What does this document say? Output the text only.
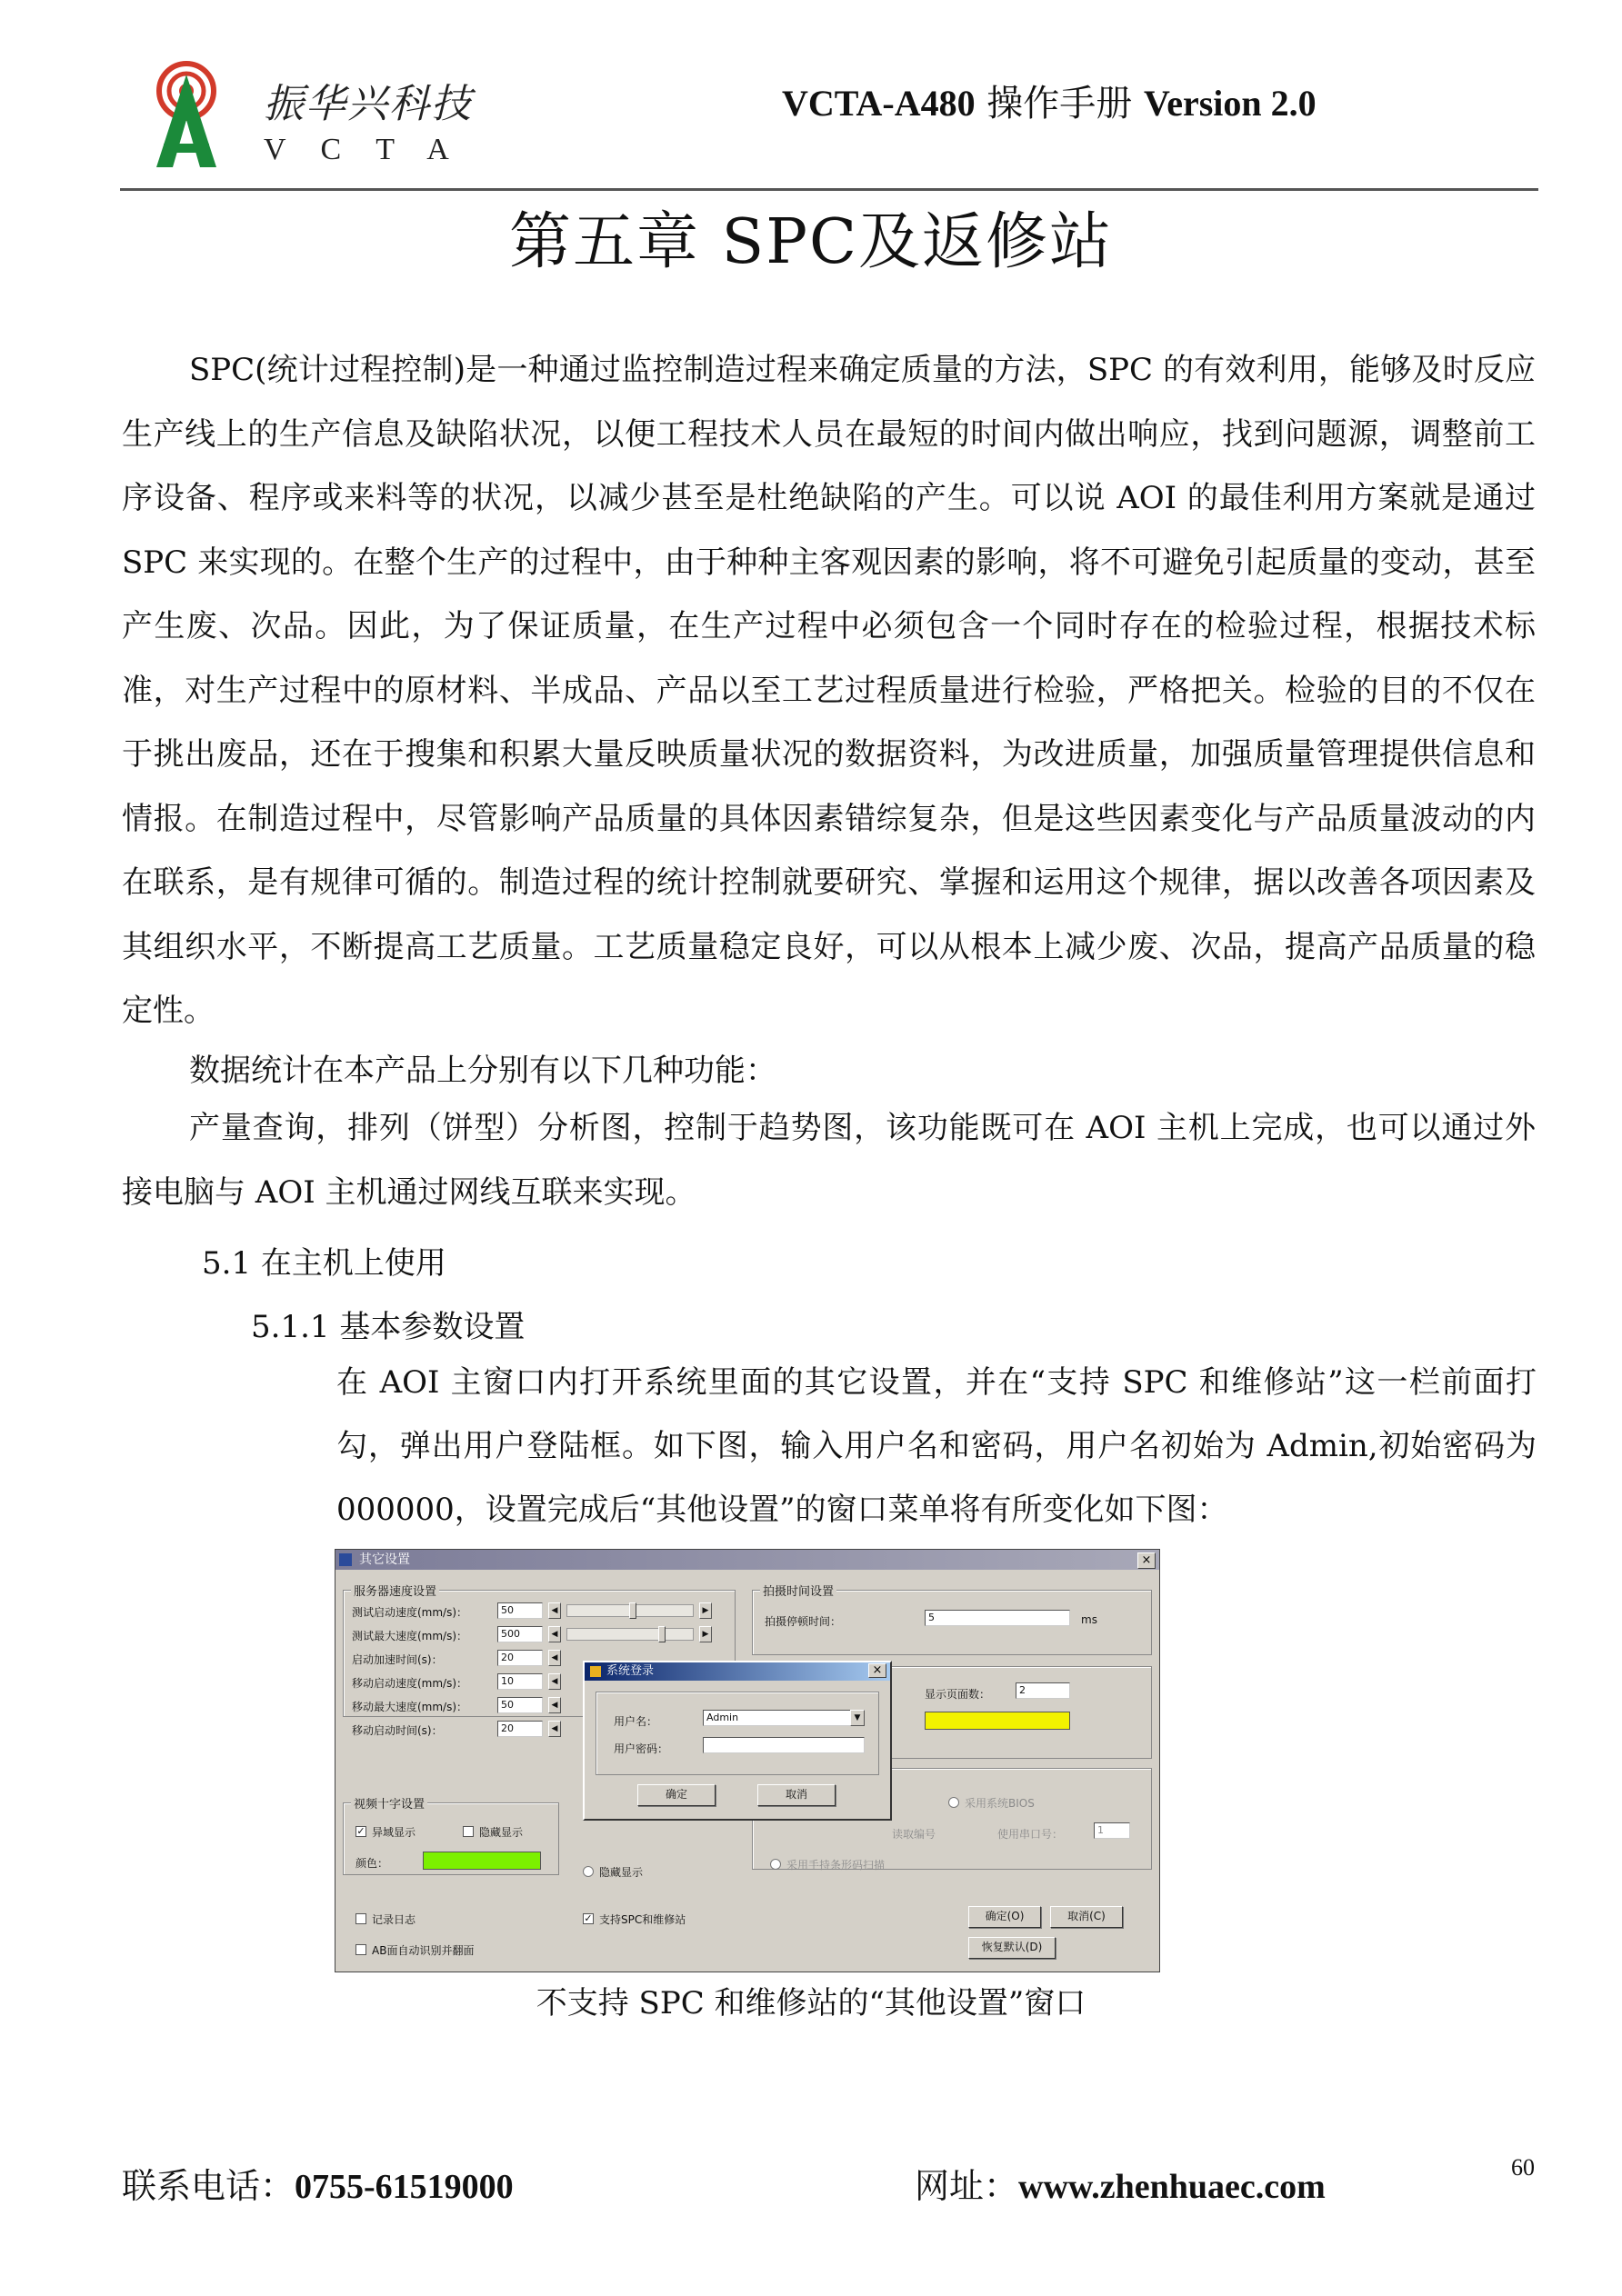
振华兴科技
VCTA
VCTA-A480 操作手册 Version 2.0
第五章 SPC及返修站
SPC(统计过程控制)是一种通过监控制造过程来确定质量的方法，SPC 的有效利用，能够及时反应生产线上的生产信息及缺陷状况，以便工程技术人员在最短的时间内做出响应，找到问题源，调整前工序设备、程序或来料等的状况，以减少甚至是杜绝缺陷的产生。可以说 AOI 的最佳利用方案就是通过 SPC 来实现的。在整个生产的过程中，由于种种主客观因素的影响，将不可避免引起质量的变动，甚至产生废、次品。因此，为了保证质量，在生产过程中必须包含一个同时存在的检验过程，根据技术标准，对生产过程中的原材料、半成品、产品以至工艺过程质量进行检验，严格把关。检验的目的不仅在于挑出废品，还在于搜集和积累大量反映质量状况的数据资料，为改进质量，加强质量管理提供信息和情报。在制造过程中，尽管影响产品质量的具体因素错综复杂，但是这些因素变化与产品质量波动的内在联系，是有规律可循的。制造过程的统计控制就要研究、掌握和运用这个规律，据以改善各项因素及其组织水平，不断提高工艺质量。工艺质量稳定良好，可以从根本上减少废、次品，提高产品质量的稳定性。
数据统计在本产品上分别有以下几种功能：
产量查询，排列（饼型）分析图，控制于趋势图，该功能既可在 AOI 主机上完成，也可以通过外接电脑与 AOI 主机通过网线互联来实现。
5.1 在主机上使用
5.1.1 基本参数设置
在 AOI 主窗口内打开系统里面的其它设置，并在“支持 SPC 和维修站”这一栏前面打勾，弹出用户登陆框。如下图，输入用户名和密码，用户名初始为 Admin,初始密码为 000000，设置完成后“其他设置”的窗口菜单将有所变化如下图：
其它设置	×
服务器速度设置
测试启动速度(mm/s)：	50	◀	▶
测试最大速度(mm/s)：	500	◀	▶
启动加速时间(s)：	20	◀
移动启动速度(mm/s)：	10	◀
移动最大速度(mm/s)：	50	◀
移动启动时间(s)：	20	◀
拍摄时间设置
拍摄停顿时间：	5	ms
显示页面数：	2
采用系统BIOS
读取编号	使用串口号：	1
采用手持条形码扫描
视频十字设置
✓ 异域显示	隐藏显示
颜色：
隐藏显示
记录日志
AB面自动识别并翻面
✓ 支持SPC和维修站	确定(O)	取消(C)
恢复默认(D)
系统登录	×
用户名：	Admin	▼
用户密码：
确定	取消
不支持 SPC 和维修站的“其他设置”窗口
联系电话：0755-61519000	网址：www.zhenhuaec.com
60
